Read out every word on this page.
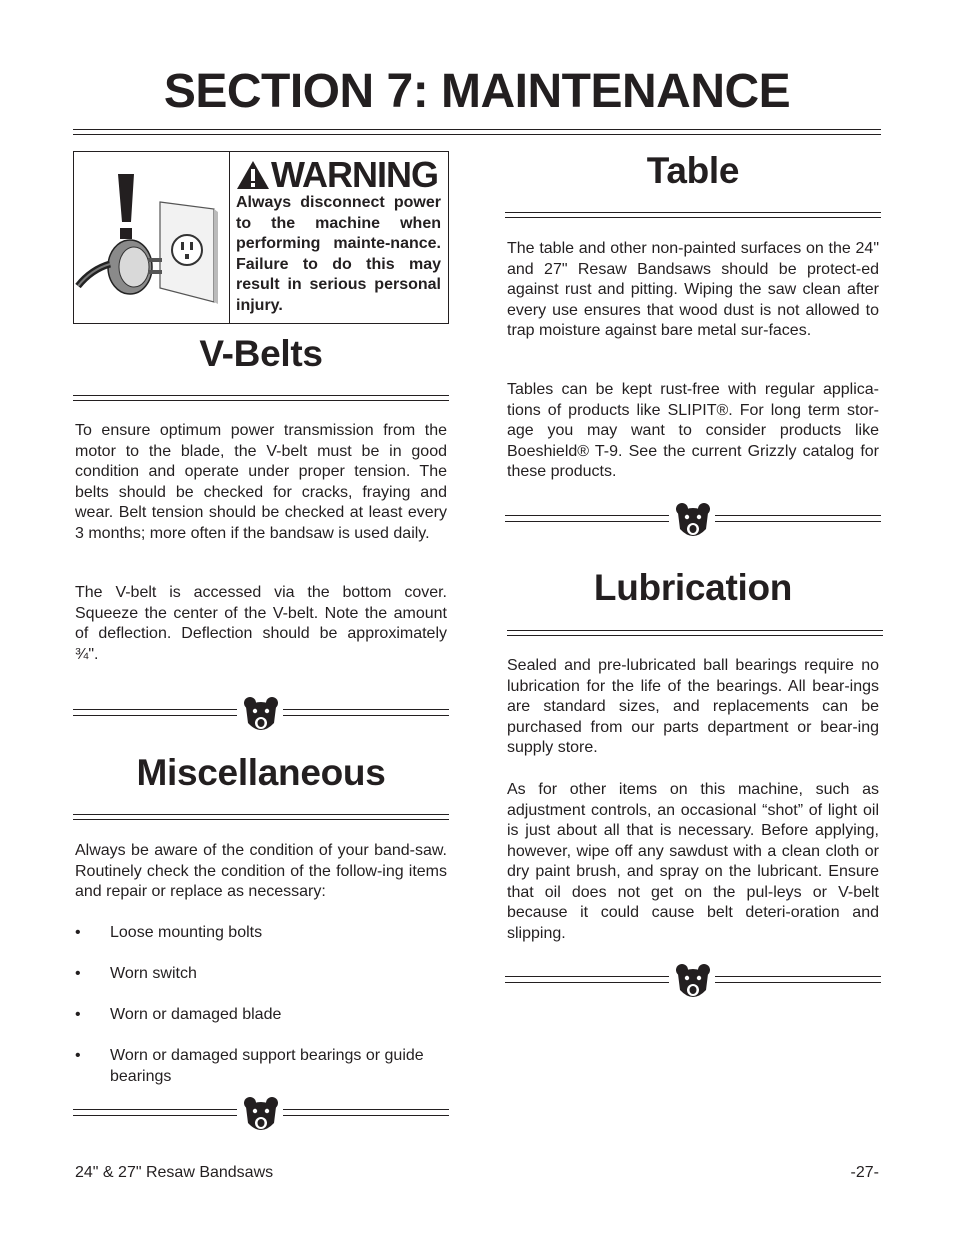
SECTION 7: MAINTENANCE
WARNING

Always disconnect power to the machine when performing mainte-nance. Failure to do this may result in serious personal injury.

V-Belts

To ensure optimum power transmission from the motor to the blade, the V-belt must be in good condition and operate under proper tension. The belts should be checked for cracks, fraying and wear. Belt tension should be checked at least every 3 months; more often if the bandsaw is used daily.

The V-belt is accessed via the bottom cover. Squeeze the center of the V-belt. Note the amount of deflection. Deflection should be approximately ¾".

Miscellaneous

Always be aware of the condition of your band-saw. Routinely check the condition of the follow-ing items and repair or replace as necessary:

• Loose mounting bolts
• Worn switch
• Worn or damaged blade
• Worn or damaged support bearings or guide bearings
Table

The table and other non-painted surfaces on the 24" and 27" Resaw Bandsaws should be protect-ed against rust and pitting. Wiping the saw clean after every use ensures that wood dust is not allowed to trap moisture against bare metal sur-faces.

Tables can be kept rust-free with regular applica-tions of products like SLIPIT®. For long term stor-age you may want to consider products like Boeshield® T-9. See the current Grizzly catalog for these products.

Lubrication

Sealed and pre-lubricated ball bearings require no lubrication for the life of the bearings. All bear-ings are standard sizes, and replacements can be purchased from our parts department or bear-ing supply store.

As for other items on this machine, such as adjustment controls, an occasional “shot” of light oil is just about all that is necessary. Before applying, however, wipe off any sawdust with a clean cloth or dry paint brush, and spray on the lubricant. Ensure that oil does not get on the pul-leys or V-belt because it could cause belt deteri-oration and slipping.

24" & 27" Resaw Bandsaws	-27-
